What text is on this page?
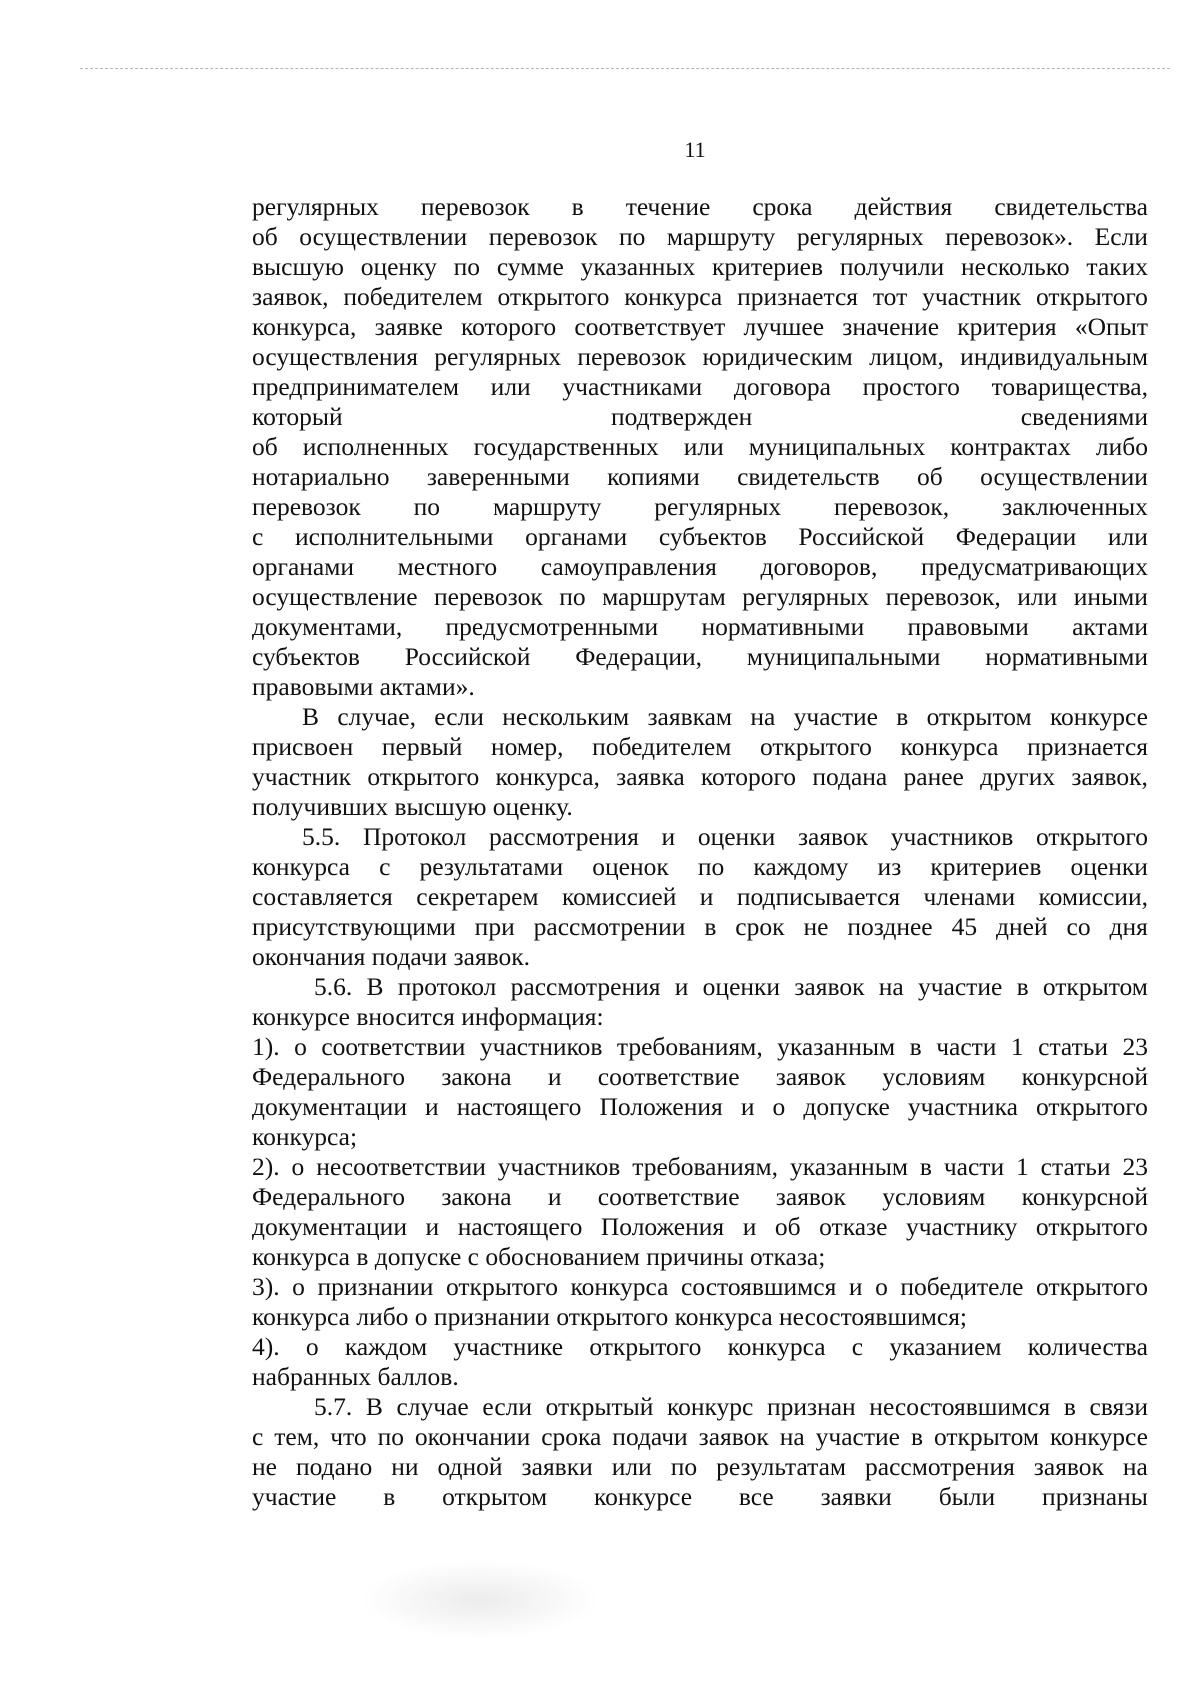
11
регулярных перевозок в течение срока действия свидетельства
об осуществлении перевозок по маршруту регулярных перевозок». Если
высшую оценку по сумме указанных критериев получили несколько таких
заявок, победителем открытого конкурса признается тот участник открытого
конкурса, заявке которого соответствует лучшее значение критерия «Опыт
осуществления регулярных перевозок юридическим лицом, индивидуальным
предпринимателем или участниками договора простого товарищества,
который	подтвержден	сведениями
об исполненных государственных или муниципальных контрактах либо
нотариально заверенными копиями свидетельств об осуществлении
перевозок по маршруту регулярных перевозок, заключенных
с исполнительными органами субъектов Российской Федерации или
органами местного самоуправления договоров, предусматривающих
осуществление перевозок по маршрутам регулярных перевозок, или иными
документами, предусмотренными нормативными правовыми актами
субъектов Российской Федерации, муниципальными нормативными
правовыми актами».
В случае, если нескольким заявкам на участие в открытом конкурсе
присвоен первый номер, победителем открытого конкурса признается
участник открытого конкурса, заявка которого подана ранее других заявок,
получивших высшую оценку.
5.5. Протокол рассмотрения и оценки заявок участников открытого
конкурса с результатами оценок по каждому из критериев оценки
составляется секретарем комиссией и подписывается членами комиссии,
присутствующими при рассмотрении в срок не позднее 45 дней со дня
окончания подачи заявок.
5.6. В протокол рассмотрения и оценки заявок на участие в открытом
конкурсе вносится информация:
1). о соответствии участников требованиям, указанным в части 1 статьи 23
Федерального закона и соответствие заявок условиям конкурсной
документации и настоящего Положения и о допуске участника открытого
конкурса;
2). о несоответствии участников требованиям, указанным в части 1 статьи 23
Федерального закона и соответствие заявок условиям конкурсной
документации и настоящего Положения и об отказе участнику открытого
конкурса в допуске с обоснованием причины отказа;
3). о признании открытого конкурса состоявшимся и о победителе открытого
конкурса либо о признании открытого конкурса несостоявшимся;
4). о каждом участнике открытого конкурса с указанием количества
набранных баллов.
5.7. В случае если открытый конкурс признан несостоявшимся в связи
с тем, что по окончании срока подачи заявок на участие в открытом конкурсе
не подано ни одной заявки или по результатам рассмотрения заявок на
участие в открытом конкурсе все заявки были признаны
